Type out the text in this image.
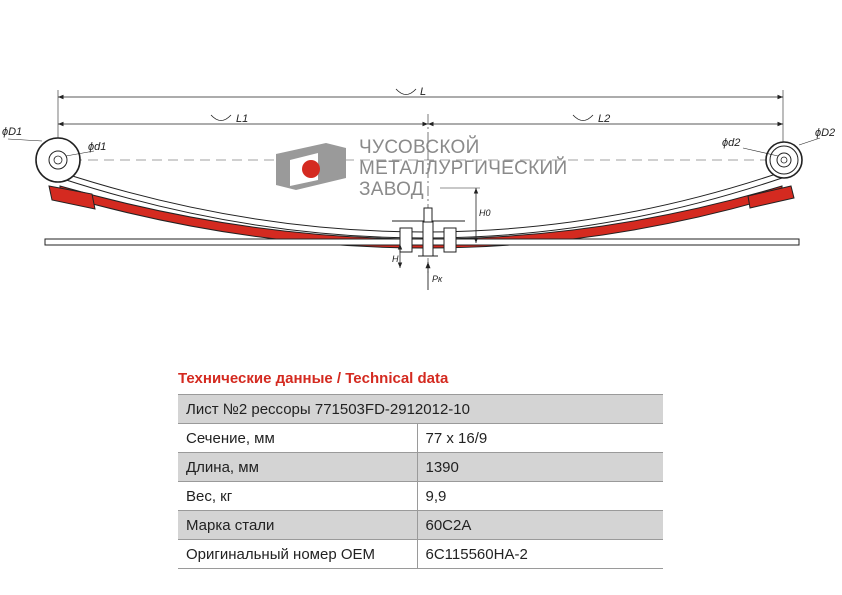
L
L1	L2
ϕD1
ϕd1	ϕd2
ϕD2
H0
H
Pк
ЧУСОВСКОЙ
МЕТАЛЛУРГИЧЕСКИЙ
ЗАВОД
Технические данные / Technical data
Лист №2 рессоры 771503FD-2912012-10	
Сечение, мм	77 x 16/9
Длина, мм	1390
Вес, кг	9,9
Марка стали	60С2А
Оригинальный номер OEM	6С115560НА-2
